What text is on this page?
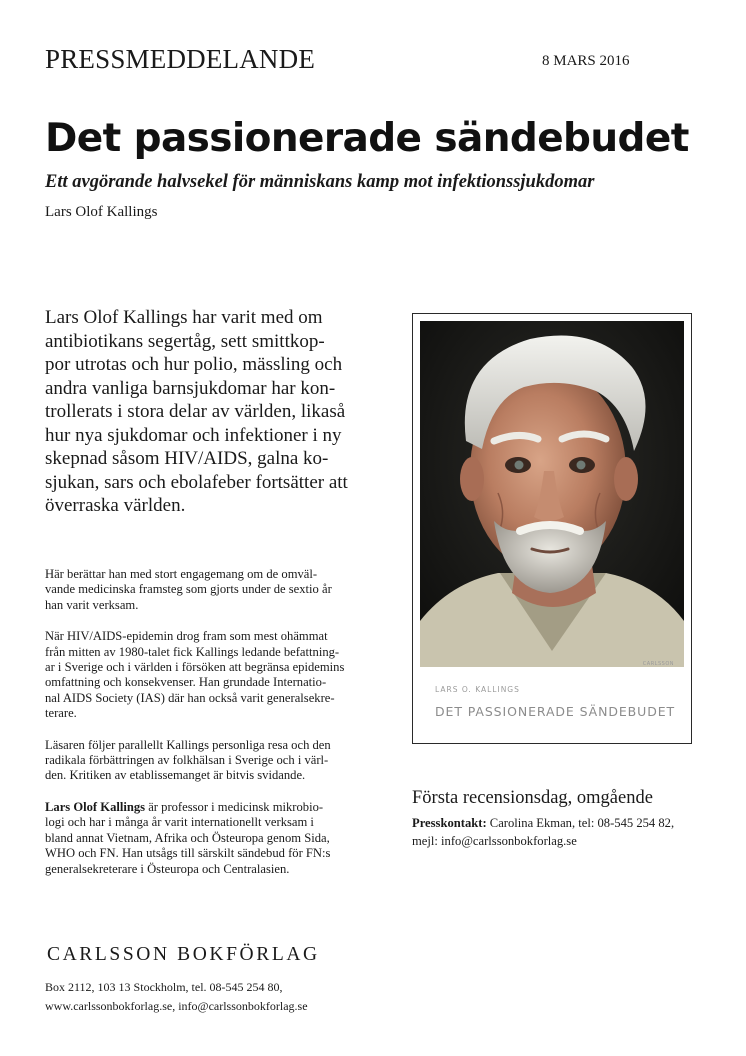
PRESSMEDDELANDE	8 MARS 2016
Det passionerade sändebudet
Ett avgörande halvsekel för människans kamp mot infektionssjukdomar
Lars Olof Kallings
Lars Olof Kallings har varit med om
antibiotikans segertåg, sett smittkop-
por utrotas och hur polio, mässling och
andra vanliga barnsjukdomar har kon-
trollerats i stora delar av världen, likaså
hur nya sjukdomar och infektioner i ny
skepnad såsom HIV/AIDS, galna ko-
sjukan, sars och ebolafeber fortsätter att
överraska världen.

Här berättar han med stort engagemang om de omväl-
vande medicinska framsteg som gjorts under de sextio år
han varit verksam.

När HIV/AIDS-epidemin drog fram som mest ohämmat
från mitten av 1980-talet fick Kallings ledande befattning-
ar i Sverige och i världen i försöken att begränsa epidemins
omfattning och konsekvenser. Han grundade Internatio-
nal AIDS Society (IAS) där han också varit generalsekre-
terare.

Läsaren följer parallellt Kallings personliga resa och den
radikala förbättringen av folkhälsan i Sverige och i värl-
den. Kritiken av etablissemanget är bitvis svidande.

Lars Olof Kallings är professor i medicinsk mikrobio-
logi och har i många år varit internationellt verksam i
bland annat Vietnam, Afrika och Östeuropa genom Sida,
WHO och FN. Han utsågs till särskilt sändebud för FN:s
generalsekreterare i Östeuropa och Centralasien.

CARLSSON BOKFÖRLAG
Box 2112, 103 13 Stockholm, tel. 08-545 254 80,
www.carlssonbokforlag.se, info@carlssonbokforlag.se
CARLSSON
LARS O. KALLINGS
DET PASSIONERADE SÄNDEBUDET
Första recensionsdag, omgående
Presskontakt: Carolina Ekman, tel: 08-545 254 82,
mejl: info@carlssonbokforlag.se
